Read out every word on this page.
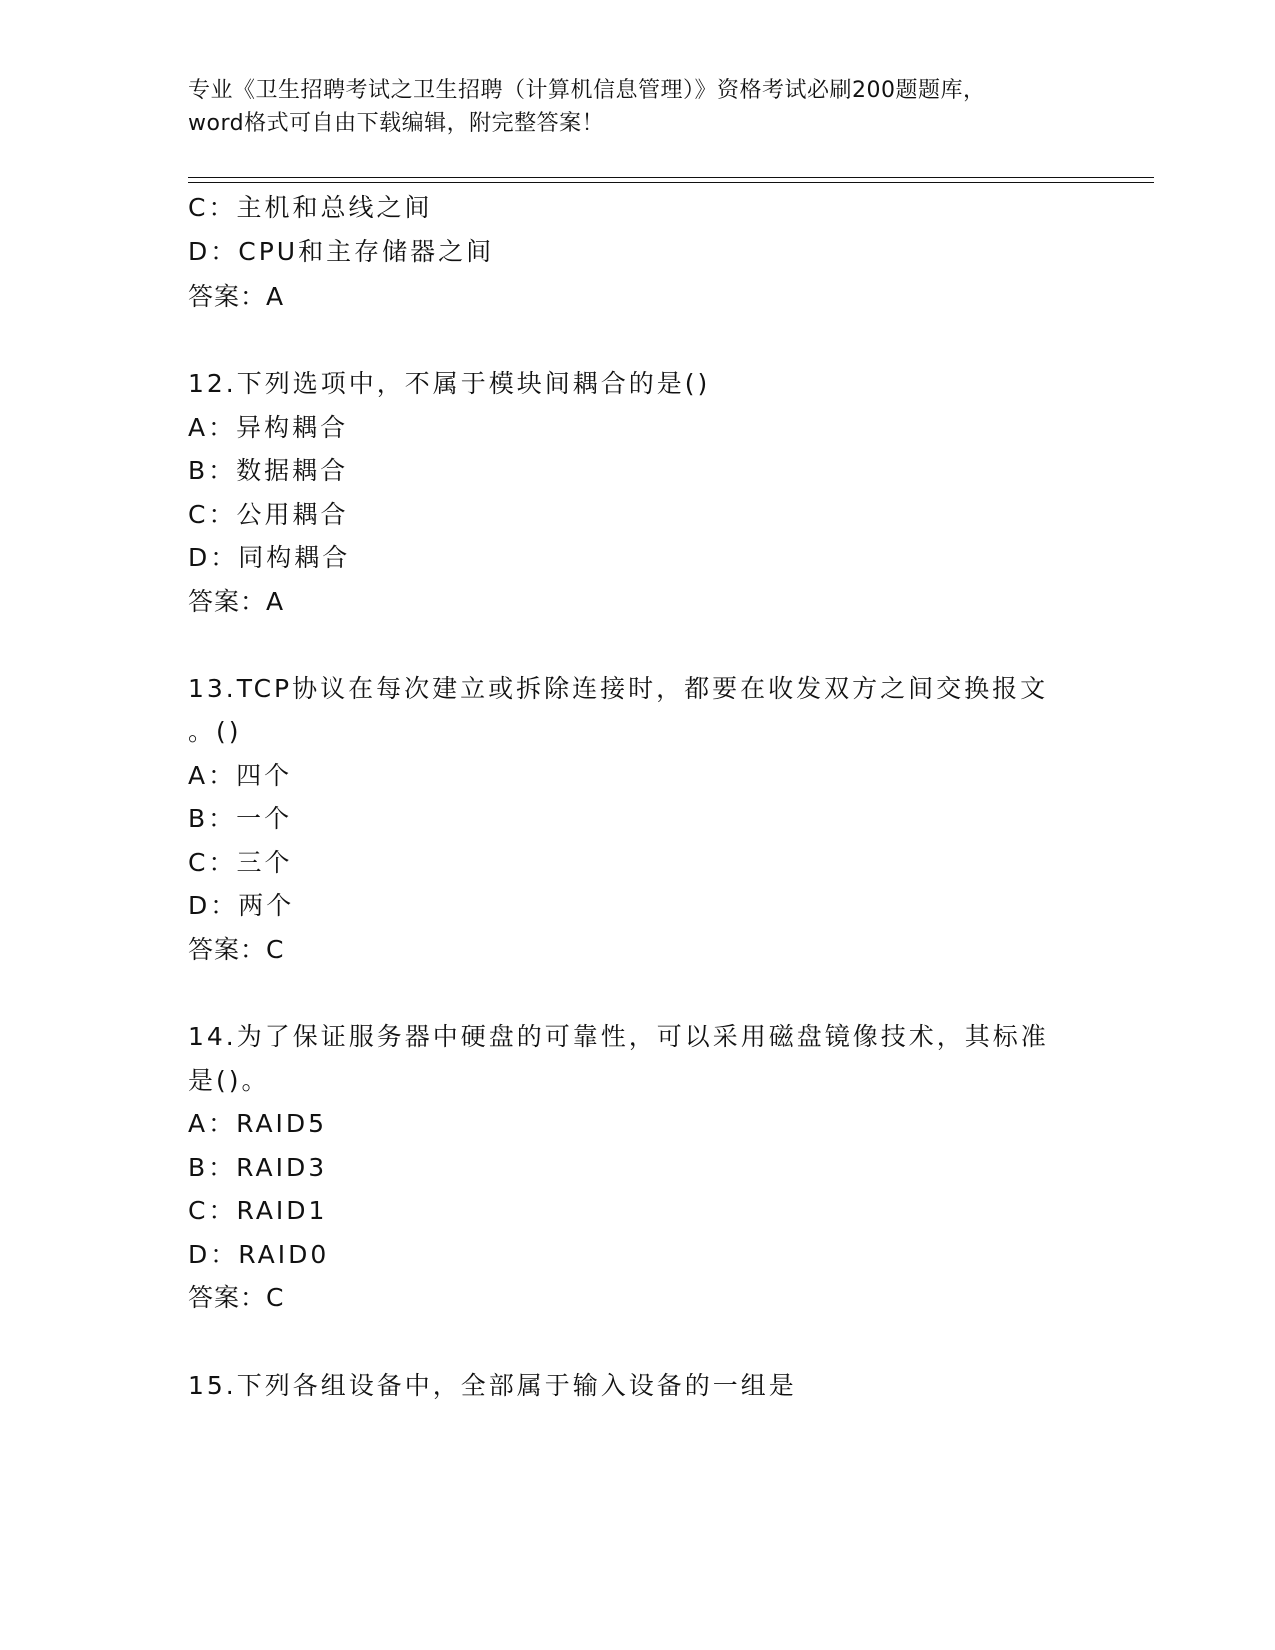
专业《卫生招聘考试之卫生招聘（计算机信息管理）》资格考试必刷200题题库，
word格式可自由下载编辑，附完整答案！
C：主机和总线之间
D：CPU和主存储器之间
答案：A
12.下列选项中，不属于模块间耦合的是()
A：异构耦合
B：数据耦合
C：公用耦合
D：同构耦合
答案：A
13.TCP协议在每次建立或拆除连接时，都要在收发双方之间交换报文
。()
A：四个
B：一个
C：三个
D：两个
答案：C
14.为了保证服务器中硬盘的可靠性，可以采用磁盘镜像技术，其标准
是()。
A：RAID5
B：RAID3
C：RAID1
D：RAID0
答案：C
15.下列各组设备中，全部属于输入设备的一组是
